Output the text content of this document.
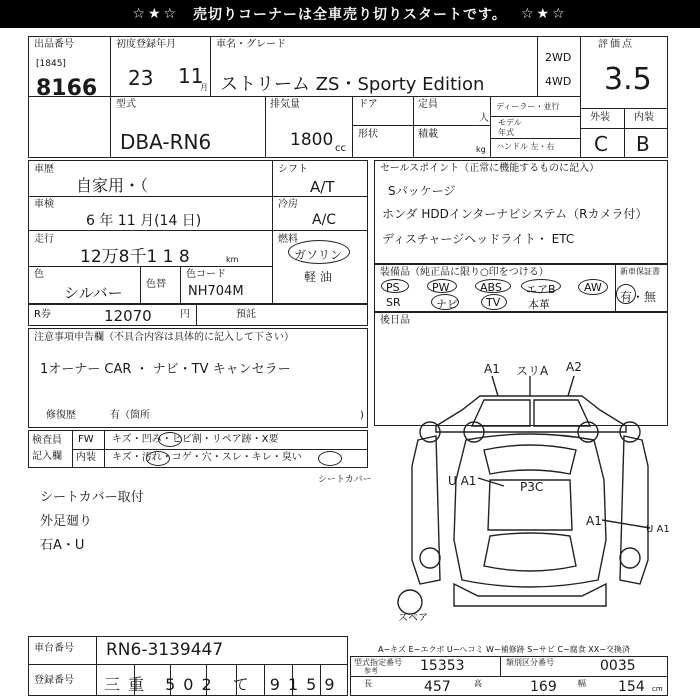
☆★☆ 売切りコーナーは全車売り切りスタートです。 ☆★☆
出品番号
[1845]
8166
初度登録年月
23 11
月
車名・グレード
ストリーム ZS・Sporty Edition
2WD
4WD
評価点
3.5
外装 内装
C B
型式
DBA-RN6
排気量
1800 cc
ドア	定員
人
形状	積載
kg
ディーラー・並行
モデル
年式
ハンドル 左・右
車歴
自家用・（
車検
6 年 11 月(14 日)
走行
12万8千1 1 8	km
色
シルバー 色替
色コード
NH704M
シフト
A/T
冷房
A/C
燃料
ガソリン
軽 油
セールスポイント（正常に機能するものに記入）
Sパッケージ
ホンダ HDDインターナビシステム（Rカメラ付）
ディスチャージヘッドライト・ ETC
装備品（純正品に限り○印をつける）
PS	PW	ABS エアB	AW
SR	ナビ	TV	本革
新車保証書
有・無
R券	12070	円	預託
後日品
注意事項申告欄（不具合内容は具体的に記入して下さい）
1オーナー CAR ・ ナビ・TV キャンセラー
修復歴	有（箇所	)
検査員
記入欄
FW キズ・凹み・ヒビ割・リペア跡・X要
内装 キズ・汚れ・コゲ・穴・スレ・キレ・臭い
シートカバー取付
外足廻り
石A・U
A1 スリA A2
U A1	P3C
A1
U A1
シートカバー
スペア
A−キズ E−エクボ U−ヘコミ W−補修跡 S−サビ C−腐食 XX−交換済
車台番号 RN6-3139447
登録番号 三重 502 て 9159
型式指定番号
参考	15353	類別区分番号	0035
長	457	高	169	幅 154 cm
